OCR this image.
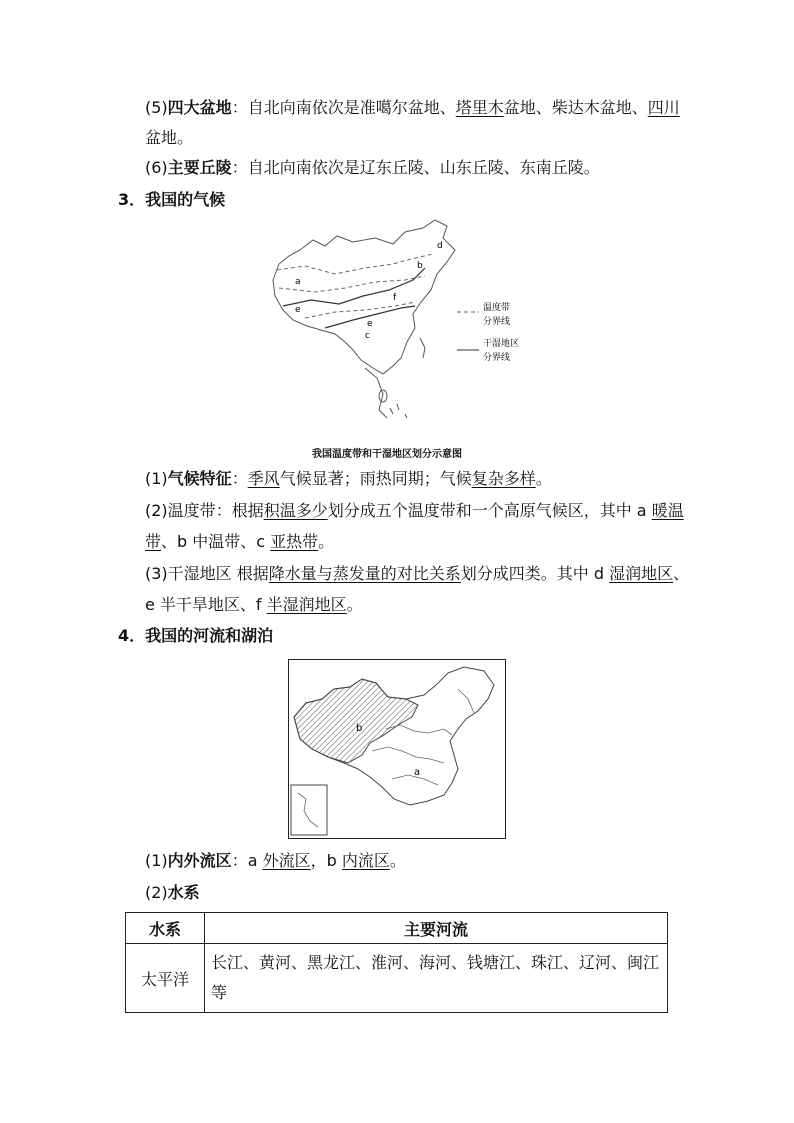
(5)四大盆地：自北向南依次是准噶尔盆地、塔里木盆地、柴达木盆地、四川
盆地。
(6)主要丘陵：自北向南依次是辽东丘陵、山东丘陵、东南丘陵。
3．我国的气候
a
b
c
d
e
e
f
温度带
分界线
干湿地区
分界线
我国温度带和干湿地区划分示意图
(1)气候特征：季风气候显著；雨热同期；气候复杂多样。
(2)温度带：根据积温多少划分成五个温度带和一个高原气候区，其中 a 暖温
带、b 中温带、c 亚热带。
(3)干湿地区 根据降水量与蒸发量的对比关系划分成四类。其中 d 湿润地区、
e 半干旱地区、f 半湿润地区。
4．我国的河流和湖泊
b
a
(1)内外流区：a 外流区，b 内流区。
(2)水系
水系	主要河流
太平洋	长江、黄河、黑龙江、淮河、海河、钱塘江、珠江、辽河、闽江等
